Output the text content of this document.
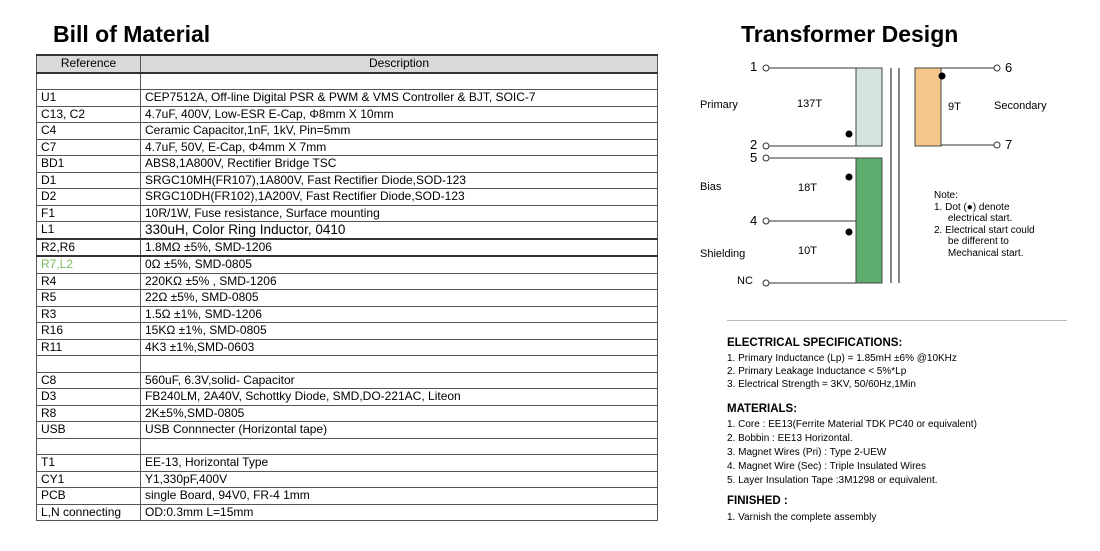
Bill of Material	Transformer Design
Reference	Description

U1	CEP7512A, Off-line Digital PSR & PWM & VMS Controller & BJT, SOIC-7
C13, C2	4.7uF, 400V, Low-ESR E-Cap, Φ8mm X 10mm
C4	Ceramic Capacitor,1nF, 1kV, Pin=5mm
C7	4.7uF, 50V, E-Cap, Φ4mm X 7mm
BD1	ABS8,1A800V, Rectifier Bridge TSC
D1	SRGC10MH(FR107),1A800V, Fast Rectifier Diode,SOD-123
D2	SRGC10DH(FR102),1A200V, Fast Rectifier Diode,SOD-123
F1	10R/1W, Fuse resistance, Surface mounting
L1	330uH, Color Ring Inductor, 0410
R2,R6	1.8MΩ ±5%, SMD-1206
R7,L2	0Ω ±5%, SMD-0805
R4	220KΩ ±5% , SMD-1206
R5	22Ω ±5%, SMD-0805
R3	1.5Ω ±1%, SMD-1206
R16	15KΩ ±1%, SMD-0805
R11	4K3 ±1%,SMD-0603

C8	560uF, 6.3V,solid- Capacitor
D3	FB240LM, 2A40V, Schottky Diode, SMD,DO-221AC, Liteon
R8	2K±5%,SMD-0805
USB	USB Connnecter (Horizontal tape)

T1	EE-13, Horizontal Type
CY1	Y1,330pF,400V
PCB	single Board, 94V0, FR-4 1mm
L,N connecting	OD:0.3mm L=15mm
1
2
5
4
NC
6
7
Primary	137T
Bias	18T
Shielding	10T
9T	Secondary
Note:
1. Dot (●) denote
electrical start.
2. Electrical start could
be different to
Mechanical start.
ELECTRICAL SPECIFICATIONS:
1. Primary Inductance (Lp) = 1.85mH ±6% @10KHz
2. Primary Leakage Inductance < 5%*Lp
3. Electrical Strength = 3KV, 50/60Hz,1Min
MATERIALS:
1. Core : EE13(Ferrite Material TDK PC40 or equivalent)
2. Bobbin : EE13 Horizontal.
3. Magnet Wires (Pri) : Type 2-UEW
4. Magnet Wire (Sec) : Triple Insulated Wires
5. Layer Insulation Tape :3M1298 or equivalent.
FINISHED :
1. Varnish the complete assembly
